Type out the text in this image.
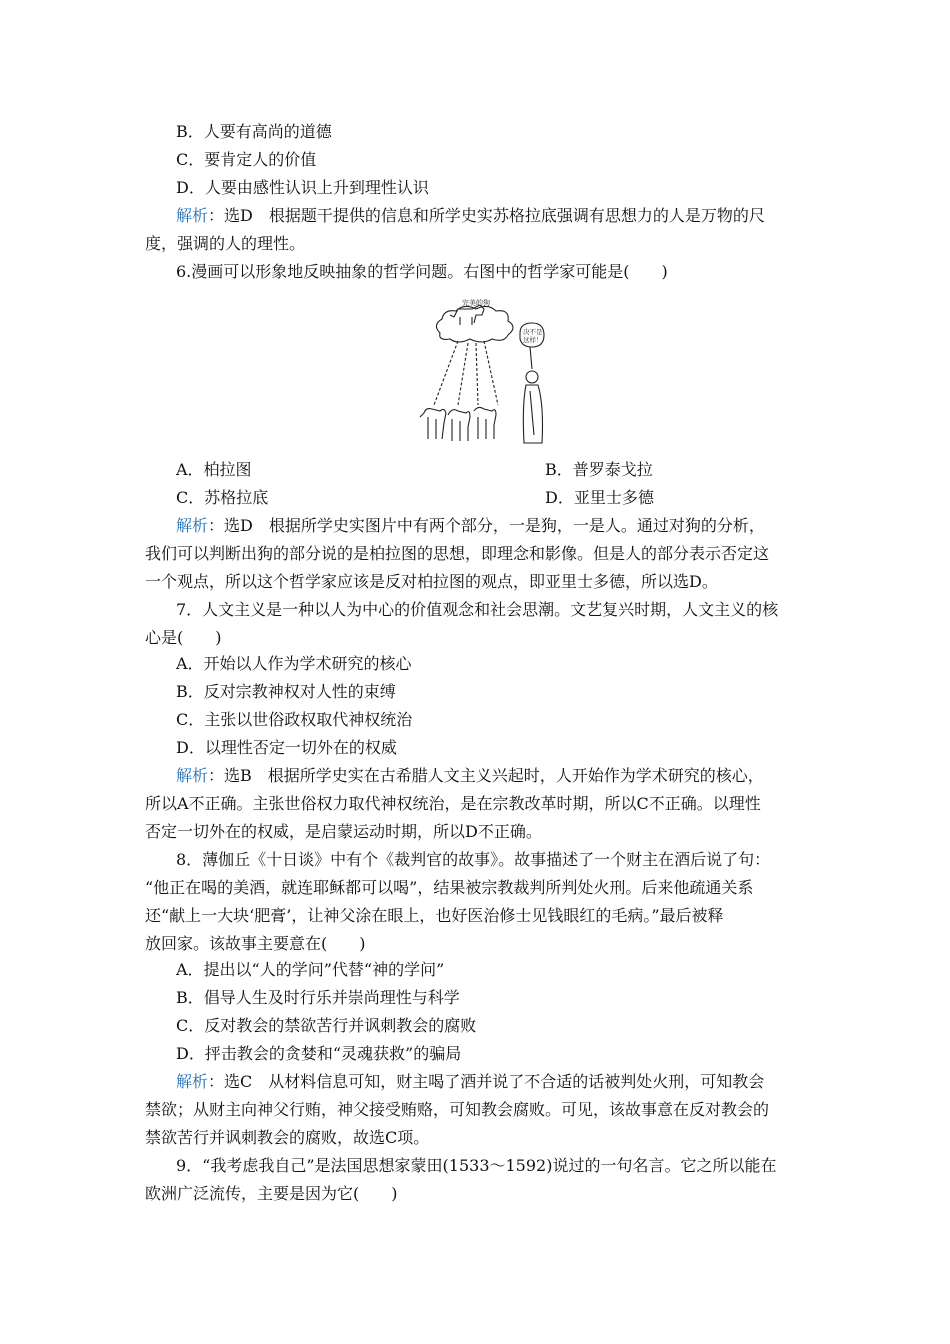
B．人要有高尚的道德
C．要肯定人的价值
D．人要由感性认识上升到理性认识
解析：选D　根据题干提供的信息和所学史实苏格拉底强调有思想力的人是万物的尺
度，强调的人的理性。
6.漫画可以形象地反映抽象的哲学问题。右图中的哲学家可能是(　　)
完美的狗
决不是
这样！
A．柏拉图	B．普罗泰戈拉
C．苏格拉底	D．亚里士多德
解析：选D　根据所学史实图片中有两个部分，一是狗，一是人。通过对狗的分析，
我们可以判断出狗的部分说的是柏拉图的思想，即理念和影像。但是人的部分表示否定这
一个观点，所以这个哲学家应该是反对柏拉图的观点，即亚里士多德，所以选D。
7．人文主义是一种以人为中心的价值观念和社会思潮。文艺复兴时期，人文主义的核
心是(　　)
A．开始以人作为学术研究的核心
B．反对宗教神权对人性的束缚
C．主张以世俗政权取代神权统治
D．以理性否定一切外在的权威
解析：选B　根据所学史实在古希腊人文主义兴起时，人开始作为学术研究的核心，
所以A不正确。主张世俗权力取代神权统治，是在宗教改革时期，所以C不正确。以理性
否定一切外在的权威，是启蒙运动时期，所以D不正确。
8．薄伽丘《十日谈》中有个《裁判官的故事》。故事描述了一个财主在酒后说了句：
“他正在喝的美酒，就连耶稣都可以喝”，结果被宗教裁判所判处火刑。后来他疏通关系
还“献上一大块‘肥膏’，让神父涂在眼上，也好医治修士见钱眼红的毛病。”最后被释
放回家。该故事主要意在(　　)
A．提出以“人的学问”代替“神的学问”
B．倡导人生及时行乐并崇尚理性与科学
C．反对教会的禁欲苦行并讽刺教会的腐败
D．抨击教会的贪婪和“灵魂获救”的骗局
解析：选C　从材料信息可知，财主喝了酒并说了不合适的话被判处火刑，可知教会
禁欲；从财主向神父行贿，神父接受贿赂，可知教会腐败。可见，该故事意在反对教会的
禁欲苦行并讽刺教会的腐败，故选C项。
9．“我考虑我自己”是法国思想家蒙田(1533～1592)说过的一句名言。它之所以能在
欧洲广泛流传，主要是因为它(　　)
